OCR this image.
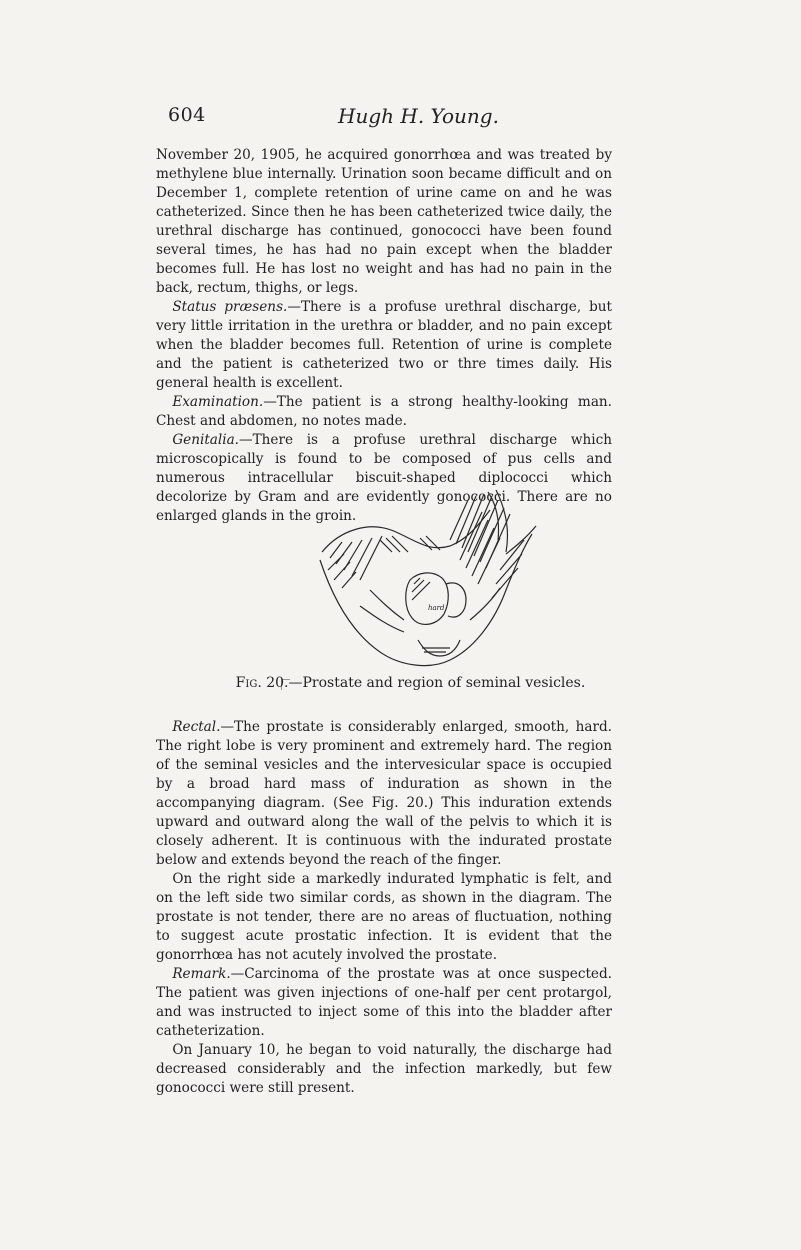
604	Hugh H. Young.

November 20, 1905, he acquired gonorrhœa and was treated by methylene blue internally. Urination soon became difficult and on December 1, complete retention of urine came on and he was catheterized. Since then he has been catheterized twice daily, the urethral discharge has continued, gonococci have been found several times, he has had no pain except when the bladder becomes full. He has lost no weight and has had no pain in the back, rectum, thighs, or legs.

Status præsens.—There is a profuse urethral discharge, but very little irritation in the urethra or bladder, and no pain except when the bladder becomes full. Retention of urine is complete and the patient is catheterized two or thre times daily. His general health is excellent.

Examination.—The patient is a strong healthy-looking man. Chest and abdomen, no notes made.

Genitalia.—There is a profuse urethral discharge which microscopically is found to be composed of pus cells and numerous intracellular biscuit-shaped diplococci which decolorize by Gram and are evidently gonococci. There are no enlarged glands in the groin.

hard
Fig. 20.—Prostate and region of seminal vesicles.

Rectal.—The prostate is considerably enlarged, smooth, hard. The right lobe is very prominent and extremely hard. The region of the seminal vesicles and the intervesicular space is occupied by a broad hard mass of induration as shown in the accompanying diagram. (See Fig. 20.) This induration extends upward and outward along the wall of the pelvis to which it is closely adherent. It is continuous with the indurated prostate below and extends beyond the reach of the finger.

On the right side a markedly indurated lymphatic is felt, and on the left side two similar cords, as shown in the diagram. The prostate is not tender, there are no areas of fluctuation, nothing to suggest acute prostatic infection. It is evident that the gonorrhœa has not acutely involved the prostate.

Remark.—Carcinoma of the prostate was at once suspected. The patient was given injections of one-half per cent protargol, and was instructed to inject some of this into the bladder after catheterization.

On January 10, he began to void naturally, the discharge had decreased considerably and the infection markedly, but few gonococci were still present.
